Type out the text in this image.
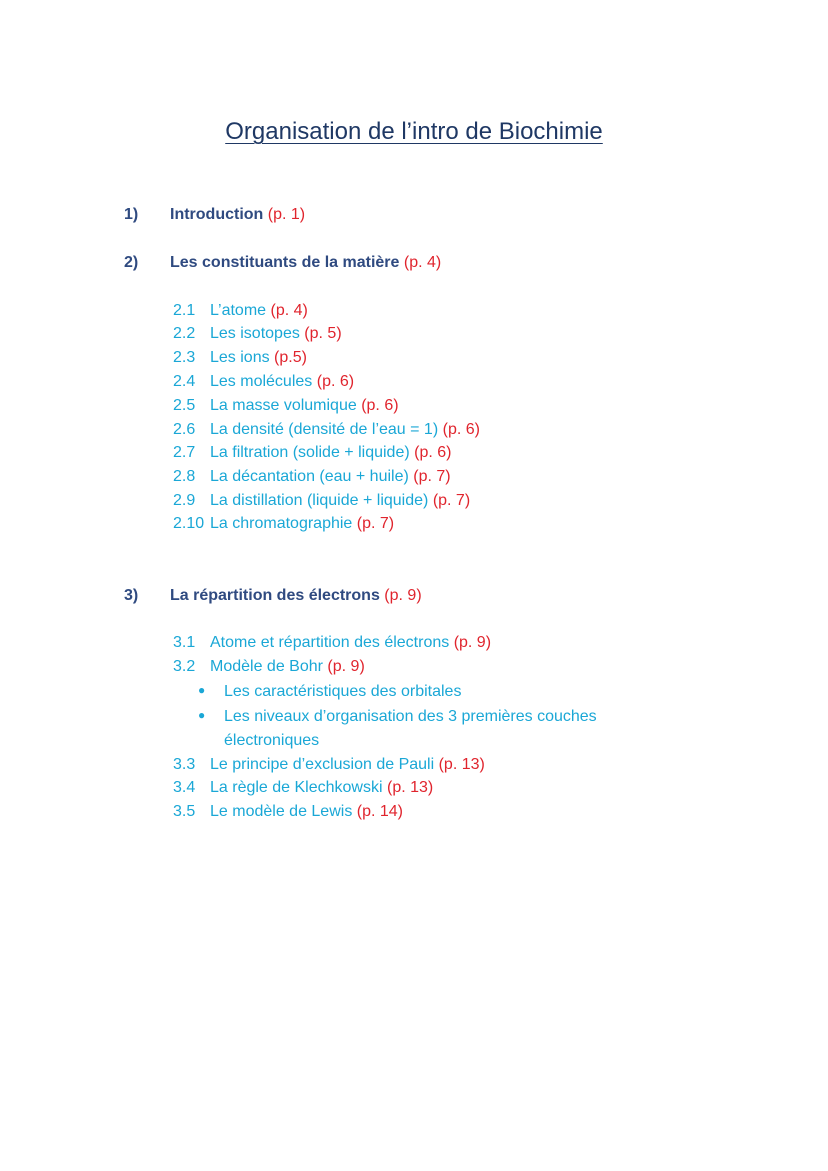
Organisation de l’intro de Biochimie
1) Introduction (p. 1)
2) Les constituants de la matière (p. 4)
2.1 L’atome (p. 4)
2.2 Les isotopes (p. 5)
2.3 Les ions (p.5)
2.4 Les molécules (p. 6)
2.5 La masse volumique (p. 6)
2.6 La densité (densité de l’eau = 1) (p. 6)
2.7 La filtration (solide + liquide) (p. 6)
2.8 La décantation (eau + huile) (p. 7)
2.9 La distillation (liquide + liquide) (p. 7)
2.10 La chromatographie (p. 7)
3) La répartition des électrons (p. 9)
3.1 Atome et répartition des électrons (p. 9)
3.2 Modèle de Bohr (p. 9)
● Les caractéristiques des orbitales
● Les niveaux d’organisation des 3 premières couches
électroniques
3.3 Le principe d’exclusion de Pauli (p. 13)
3.4 La règle de Klechkowski (p. 13)
3.5 Le modèle de Lewis (p. 14)
